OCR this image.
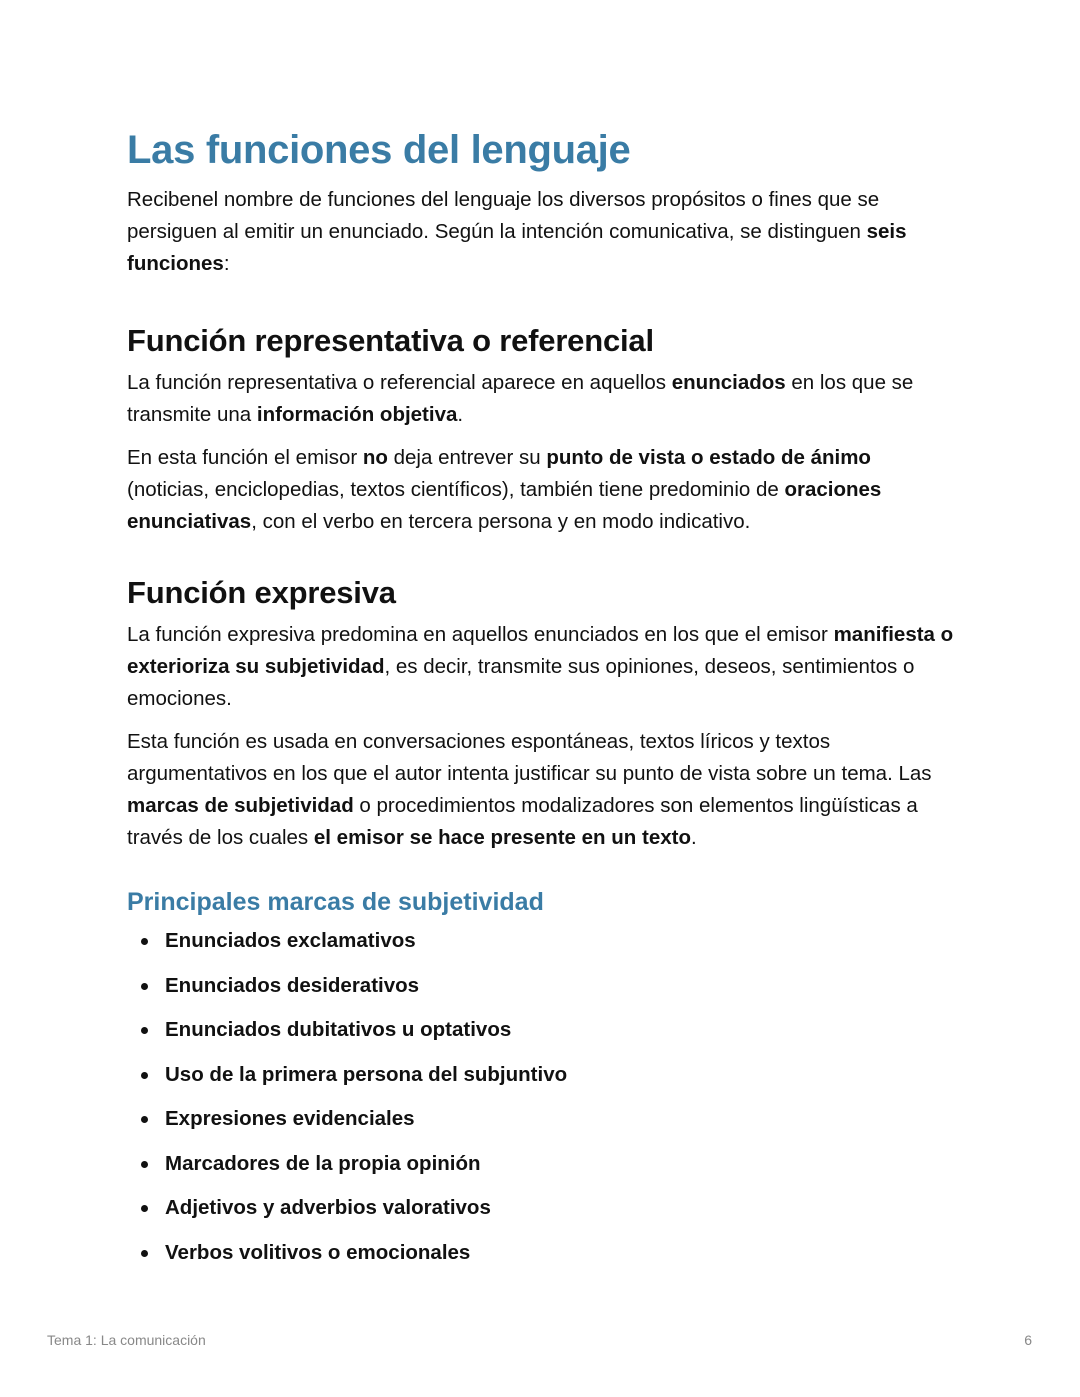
Las funciones del lenguaje

Recibenel nombre de funciones del lenguaje los diversos propósitos o fines que se persiguen al emitir un enunciado. Según la intención comunicativa, se distinguen seis funciones:

Función representativa o referencial

La función representativa o referencial aparece en aquellos enunciados en los que se transmite una información objetiva.

En esta función el emisor no deja entrever su punto de vista o estado de ánimo (noticias, enciclopedias, textos científicos), también tiene predominio de oraciones enunciativas, con el verbo en tercera persona y en modo indicativo.

Función expresiva

La función expresiva predomina en aquellos enunciados en los que el emisor manifiesta o exterioriza su subjetividad, es decir, transmite sus opiniones, deseos, sentimientos o emociones.

Esta función es usada en conversaciones espontáneas, textos líricos y textos argumentativos en los que el autor intenta justificar su punto de vista sobre un tema. Las marcas de subjetividad o procedimientos modalizadores son elementos lingüísticas a través de los cuales el emisor se hace presente en un texto.

Principales marcas de subjetividad
Enunciados exclamativos
Enunciados desiderativos
Enunciados dubitativos u optativos
Uso de la primera persona del subjuntivo
Expresiones evidenciales
Marcadores de la propia opinión
Adjetivos y adverbios valorativos
Verbos volitivos o emocionales
Tema 1: La comunicación	6
